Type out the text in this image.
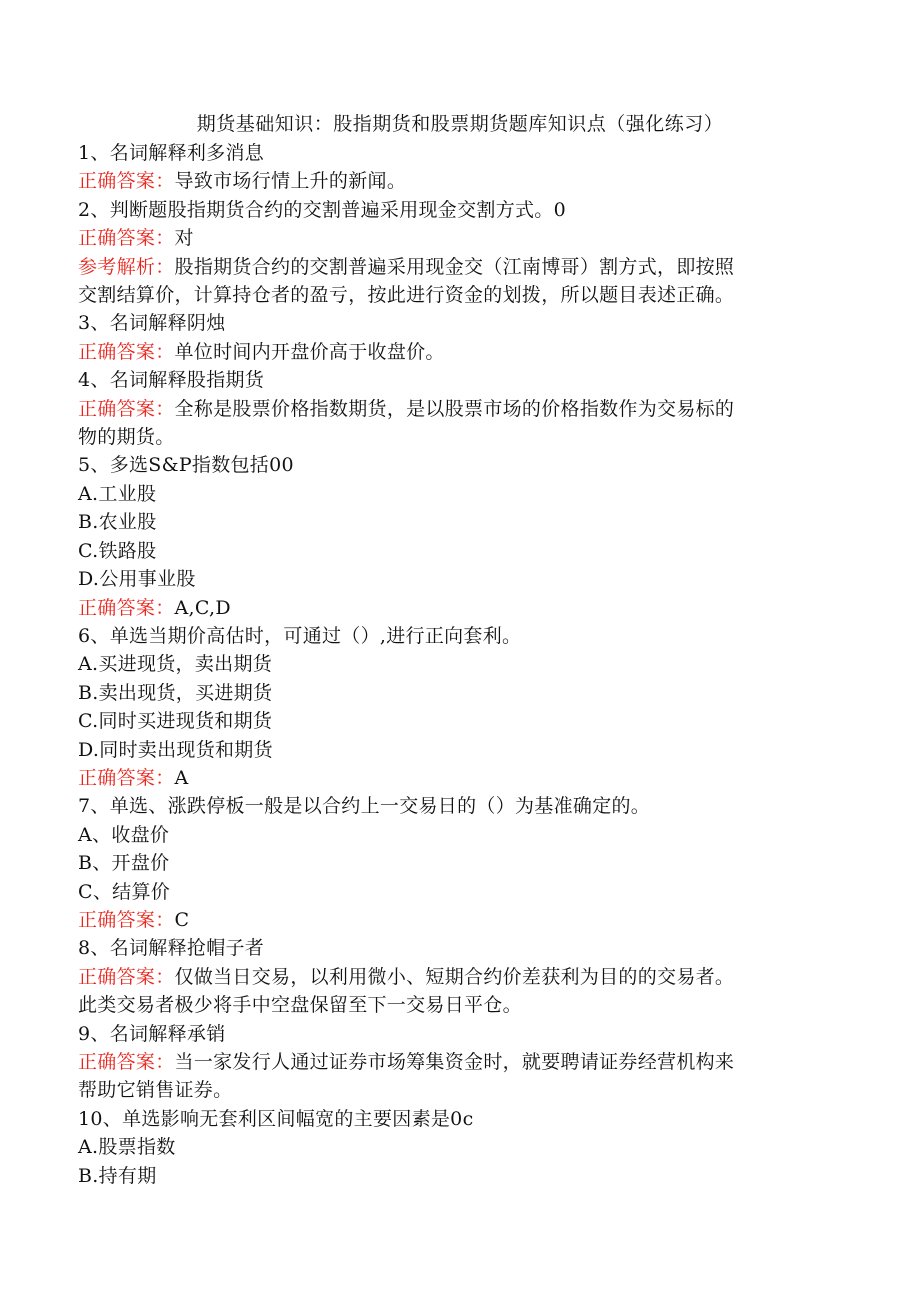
期货基础知识：股指期货和股票期货题库知识点（强化练习）
1、名词解释利多消息
正确答案：导致市场行情上升的新闻。
2、判断题股指期货合约的交割普遍采用现金交割方式。0
正确答案：对
参考解析：股指期货合约的交割普遍采用现金交（江南博哥）割方式，即按照
交割结算价，计算持仓者的盈亏，按此进行资金的划拨，所以题目表述正确。
3、名词解释阴烛
正确答案：单位时间内开盘价高于收盘价。
4、名词解释股指期货
正确答案：全称是股票价格指数期货，是以股票市场的价格指数作为交易标的
物的期货。
5、多选S&P指数包括00
A.工业股
B.农业股
C.铁路股
D.公用事业股
正确答案：A,C,D
6、单选当期价高估时，可通过（）,进行正向套利。
A.买进现货，卖出期货
B.卖出现货，买进期货
C.同时买进现货和期货
D.同时卖出现货和期货
正确答案：A
7、单选、涨跌停板一般是以合约上一交易日的（）为基准确定的。
A、收盘价
B、开盘价
C、结算价
正确答案：C
8、名词解释抢帽子者
正确答案：仅做当日交易，以利用微小、短期合约价差获利为目的的交易者。
此类交易者极少将手中空盘保留至下一交易日平仓。
9、名词解释承销
正确答案：当一家发行人通过证券市场筹集资金时，就要聘请证券经营机构来
帮助它销售证券。
10、单选影响无套利区间幅宽的主要因素是0c
A.股票指数
B.持有期
